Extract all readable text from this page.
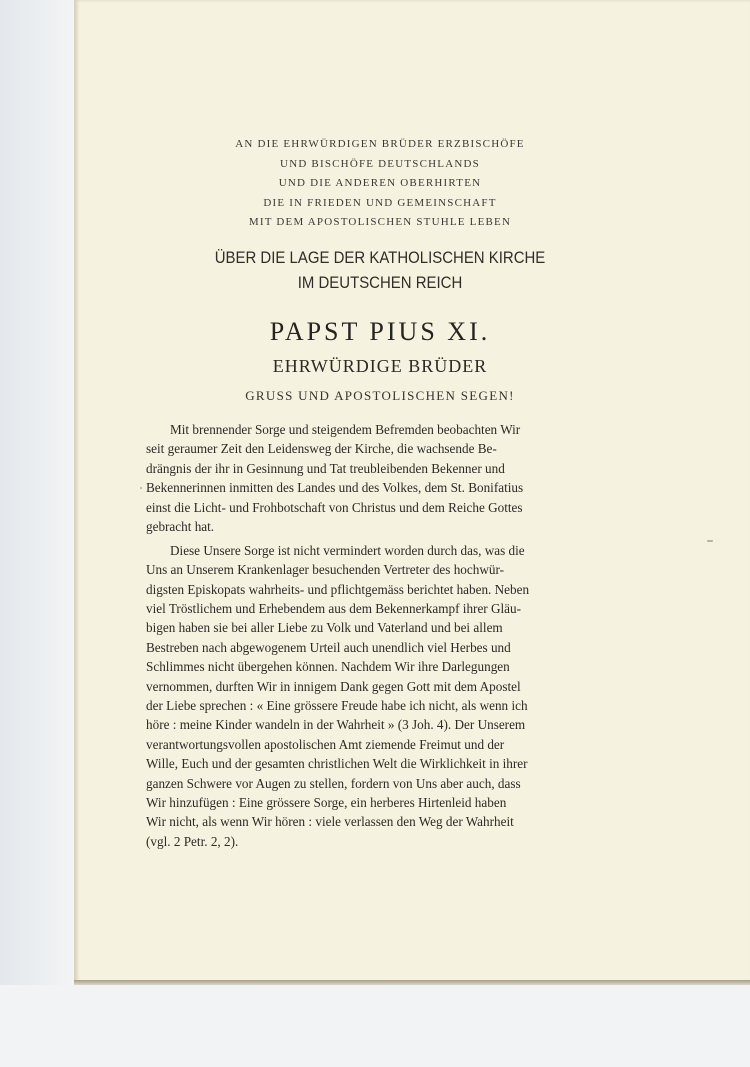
AN DIE EHRWÜRDIGEN BRÜDER ERZBISCHÖFE
UND BISCHÖFE DEUTSCHLANDS
UND DIE ANDEREN OBERHIRTEN
DIE IN FRIEDEN UND GEMEINSCHAFT
MIT DEM APOSTOLISCHEN STUHLE LEBEN
ÜBER DIE LAGE DER KATHOLISCHEN KIRCHE
IM DEUTSCHEN REICH
PAPST PIUS XI.
EHRWÜRDIGE BRÜDER
GRUSS UND APOSTOLISCHEN SEGEN!
Mit brennender Sorge und steigendem Befremden beobachten Wir
seit geraumer Zeit den Leidensweg der Kirche, die wachsende Be-
drängnis der ihr in Gesinnung und Tat treubleibenden Bekenner und
Bekennerinnen inmitten des Landes und des Volkes, dem St. Bonifatius
einst die Licht- und Frohbotschaft von Christus und dem Reiche Gottes
gebracht hat.
Diese Unsere Sorge ist nicht vermindert worden durch das, was die
Uns an Unserem Krankenlager besuchenden Vertreter des hochwür-
digsten Episkopats wahrheits- und pflichtgemäss berichtet haben. Neben
viel Tröstlichem und Erhebendem aus dem Bekennerkampf ihrer Gläu-
bigen haben sie bei aller Liebe zu Volk und Vaterland und bei allem
Bestreben nach abgewogenem Urteil auch unendlich viel Herbes und
Schlimmes nicht übergehen können. Nachdem Wir ihre Darlegungen
vernommen, durften Wir in innigem Dank gegen Gott mit dem Apostel
der Liebe sprechen : « Eine grössere Freude habe ich nicht, als wenn ich
höre : meine Kinder wandeln in der Wahrheit » (3 Joh. 4). Der Unserem
verantwortungsvollen apostolischen Amt ziemende Freimut und der
Wille, Euch und der gesamten christlichen Welt die Wirklichkeit in ihrer
ganzen Schwere vor Augen zu stellen, fordern von Uns aber auch, dass
Wir hinzufügen : Eine grössere Sorge, ein herberes Hirtenleid haben
Wir nicht, als wenn Wir hören : viele verlassen den Weg der Wahrheit
(vgl. 2 Petr. 2, 2).
